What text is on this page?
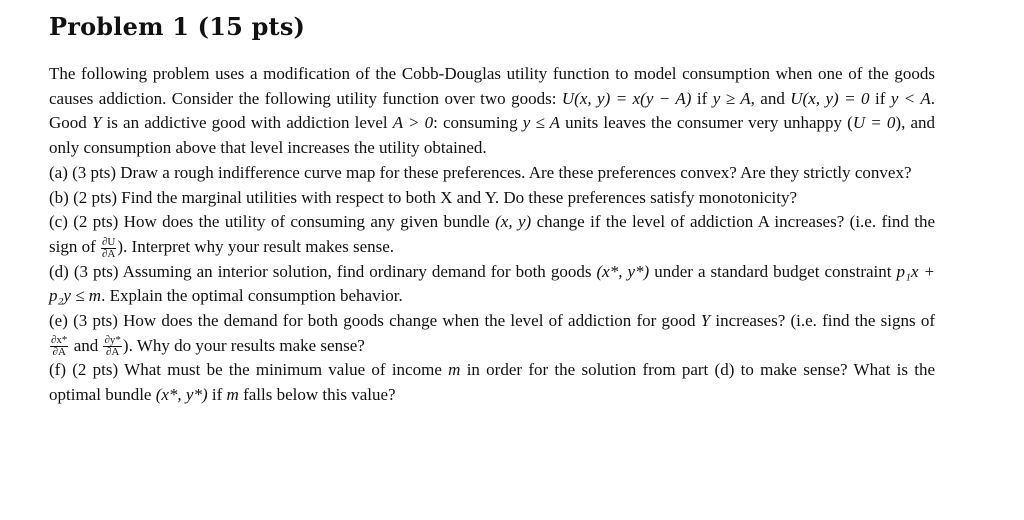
Problem 1 (15 pts)

The following problem uses a modification of the Cobb-Douglas utility function to model consumption when one of the goods causes addiction. Consider the following utility function over two goods: U(x, y) = x(y − A) if y ≥ A, and U(x, y) = 0 if y < A. Good Y is an addictive good with addiction level A > 0: consuming y ≤ A units leaves the consumer very unhappy (U = 0), and only consumption above that level increases the utility obtained.

(a) (3 pts) Draw a rough indifference curve map for these preferences. Are these preferences convex? Are they strictly convex?

(b) (2 pts) Find the marginal utilities with respect to both X and Y. Do these preferences satisfy monotonicity?

(c) (2 pts) How does the utility of consuming any given bundle (x, y) change if the level of addiction A increases? (i.e. find the sign of $\frac{\partial U}{\partial A}$ ). Interpret why your result makes sense.

(d) (3 pts) Assuming an interior solution, find ordinary demand for both goods (x*, y*) under a standard budget constraint p₁x + p₂y ≤ m. Explain the optimal consumption behavior.

(e) (3 pts) How does the demand for both goods change when the level of addiction for good Y increases? (i.e. find the signs of
$\frac{\partial x*}{\partial A}$ and $\frac{\partial y*}{\partial A}$ ). Why do your results make sense?

(f) (2 pts) What must be the minimum value of income m in order for the solution from part (d) to make sense? What is the optimal bundle (x*, y*) if m falls below this value?
